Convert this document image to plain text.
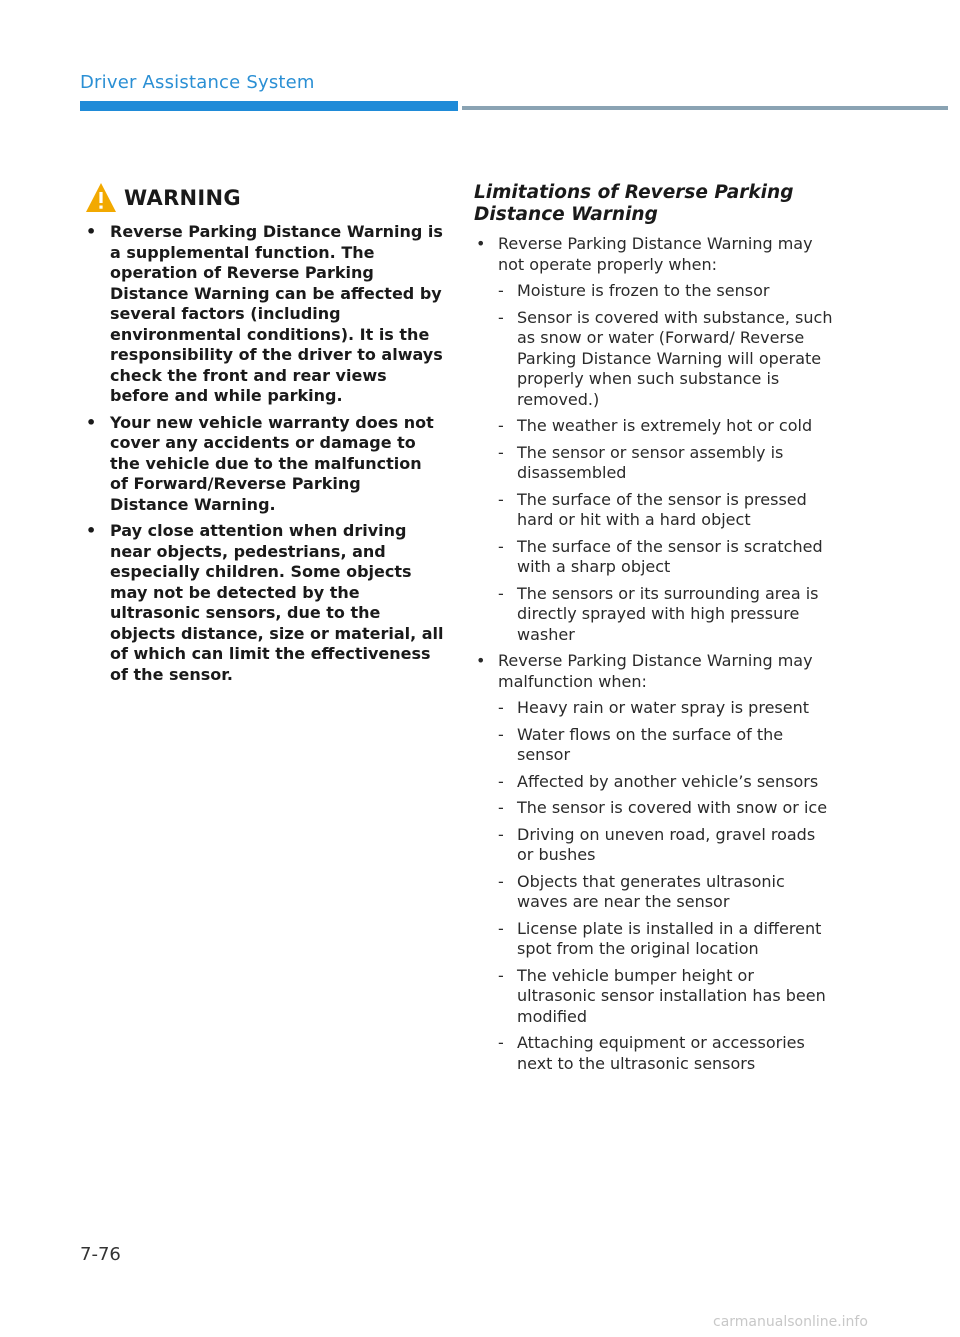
Driver Assistance System
WARNING
• Reverse Parking Distance Warning is a supplemental function. The operation of Reverse Parking Distance Warning can be affected by several factors (including environmental conditions). It is the responsibility of the driver to always check the front and rear views before and while parking.
• Your new vehicle warranty does not cover any accidents or damage to the vehicle due to the malfunction of Forward/Reverse Parking Distance Warning.
• Pay close attention when driving near objects, pedestrians, and especially children. Some objects may not be detected by the ultrasonic sensors, due to the objects distance, size or material, all of which can limit the effectiveness of the sensor.
Limitations of Reverse Parking Distance Warning
• Reverse Parking Distance Warning may not operate properly when:
- Moisture is frozen to the sensor
- Sensor is covered with substance, such as snow or water (Forward/ Reverse Parking Distance Warning will operate properly when such substance is removed.)
- The weather is extremely hot or cold
- The sensor or sensor assembly is disassembled
- The surface of the sensor is pressed hard or hit with a hard object
- The surface of the sensor is scratched with a sharp object
- The sensors or its surrounding area is directly sprayed with high pressure washer
• Reverse Parking Distance Warning may malfunction when:
- Heavy rain or water spray is present
- Water flows on the surface of the sensor
- Affected by another vehicle’s sensors
- The sensor is covered with snow or ice
- Driving on uneven road, gravel roads or bushes
- Objects that generates ultrasonic waves are near the sensor
- License plate is installed in a different spot from the original location
- The vehicle bumper height or ultrasonic sensor installation has been modified
- Attaching equipment or accessories next to the ultrasonic sensors
7-76
carmanualsonline.info
